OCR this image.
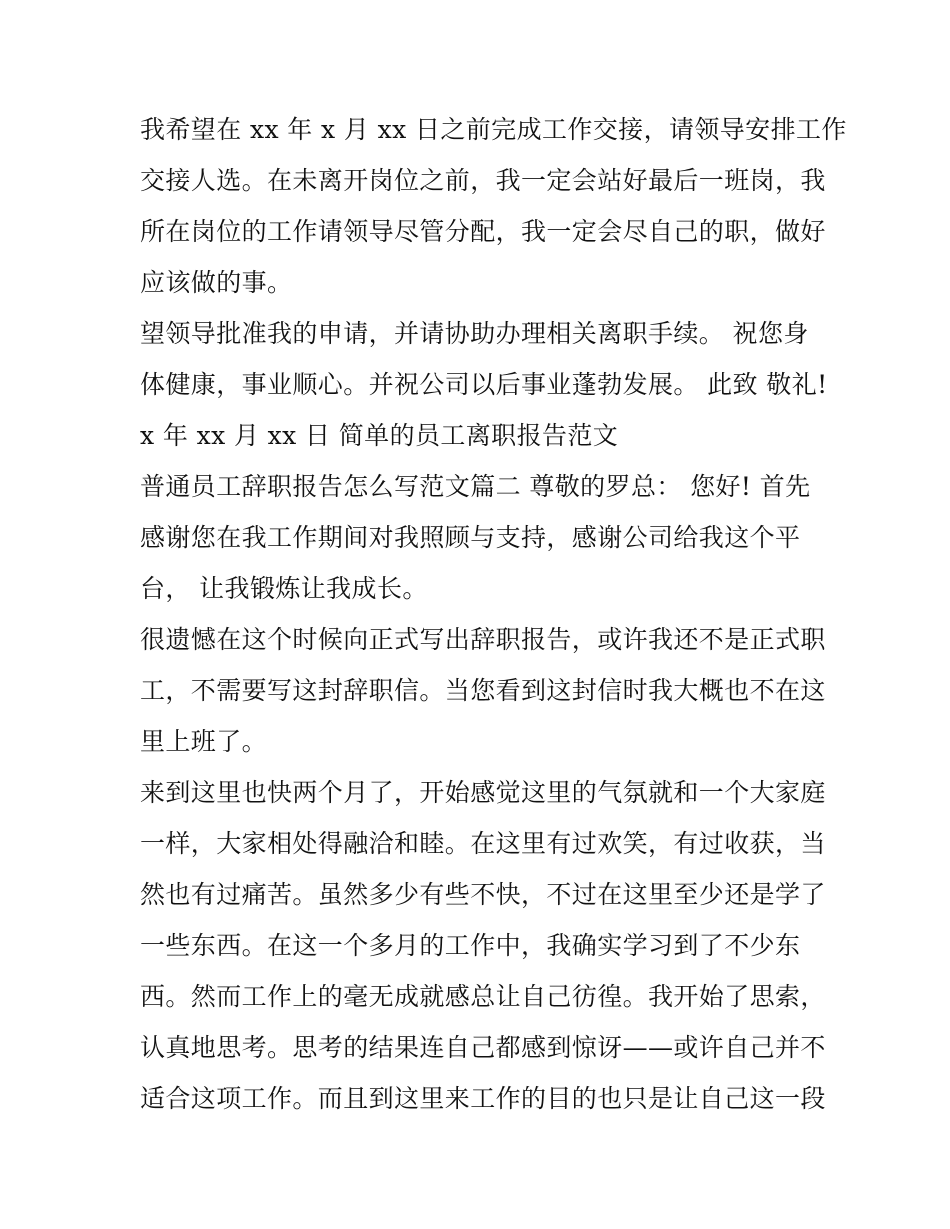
我希望在 xx 年 x 月 xx 日之前完成工作交接，请领导安排工作
交接人选。在未离开岗位之前，我一定会站好最后一班岗，我
所在岗位的工作请领导尽管分配，我一定会尽自己的职，做好
应该做的事。
望领导批准我的申请，并请协助办理相关离职手续。 祝您身
体健康，事业顺心。并祝公司以后事业蓬勃发展。 此致 敬礼!
x 年 xx 月 xx 日 简单的员工离职报告范文
普通员工辞职报告怎么写范文篇二 尊敬的罗总： 您好! 首先
感谢您在我工作期间对我照顾与支持，感谢公司给我这个平
台， 让我锻炼让我成长。
很遗憾在这个时候向正式写出辞职报告，或许我还不是正式职
工，不需要写这封辞职信。当您看到这封信时我大概也不在这
里上班了。
来到这里也快两个月了，开始感觉这里的气氛就和一个大家庭
一样，大家相处得融洽和睦。在这里有过欢笑，有过收获，当
然也有过痛苦。虽然多少有些不快，不过在这里至少还是学了
一些东西。在这一个多月的工作中，我确实学习到了不少东
西。然而工作上的毫无成就感总让自己彷徨。我开始了思索，
认真地思考。思考的结果连自己都感到惊讶——或许自己并不
适合这项工作。而且到这里来工作的目的也只是让自己这一段
